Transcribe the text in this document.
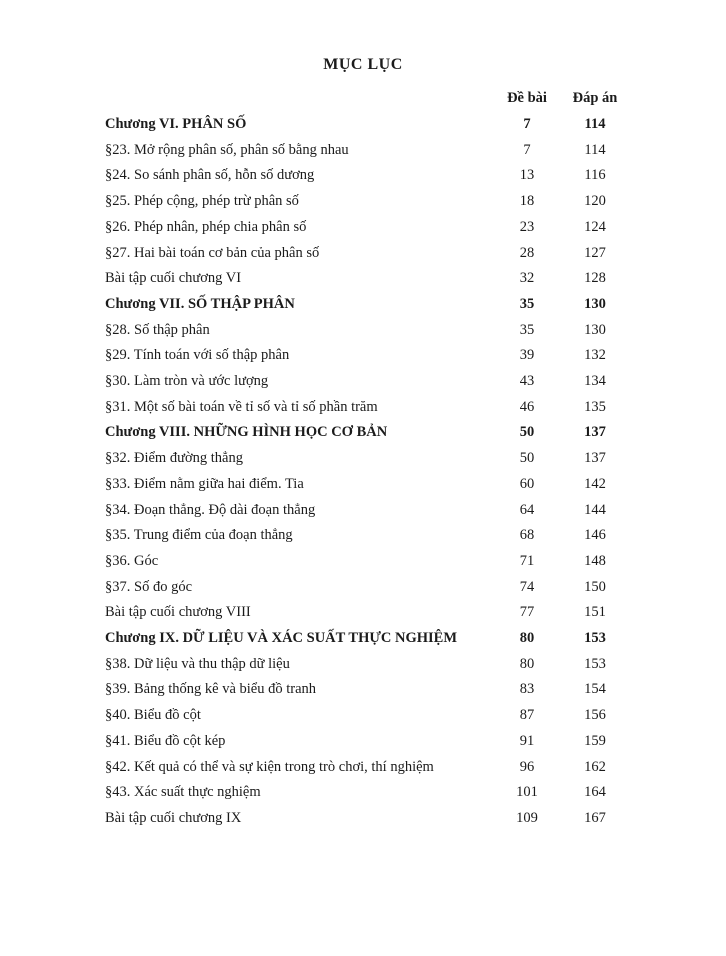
MỤC LỤC
Đề bài	Đáp án
Chương VI. PHÂN SỐ	7	114
§23. Mở rộng phân số, phân số bằng nhau	7	114
§24. So sánh phân số, hỗn số dương	13	116
§25. Phép cộng, phép trừ phân số	18	120
§26. Phép nhân, phép chia phân số	23	124
§27. Hai bài toán cơ bản của phân số	28	127
Bài tập cuối chương VI	32	128
Chương VII. SỐ THẬP PHÂN	35	130
§28. Số thập phân	35	130
§29. Tính toán với số thập phân	39	132
§30. Làm tròn và ước lượng	43	134
§31. Một số bài toán về tỉ số và tỉ số phần trăm	46	135
Chương VIII. NHỮNG HÌNH HỌC CƠ BẢN	50	137
§32. Điểm đường thẳng	50	137
§33. Điểm nằm giữa hai điểm. Tia	60	142
§34. Đoạn thẳng. Độ dài đoạn thẳng	64	144
§35. Trung điểm của đoạn thẳng	68	146
§36. Góc	71	148
§37. Số đo góc	74	150
Bài tập cuối chương VIII	77	151
Chương IX. DỮ LIỆU VÀ XÁC SUẤT THỰC NGHIỆM	80	153
§38. Dữ liệu và thu thập dữ liệu	80	153
§39. Bảng thống kê và biểu đồ tranh	83	154
§40. Biểu đồ cột	87	156
§41. Biểu đồ cột kép	91	159
§42. Kết quả có thể và sự kiện trong trò chơi, thí nghiệm	96	162
§43. Xác suất thực nghiệm	101	164
Bài tập cuối chương IX	109	167
